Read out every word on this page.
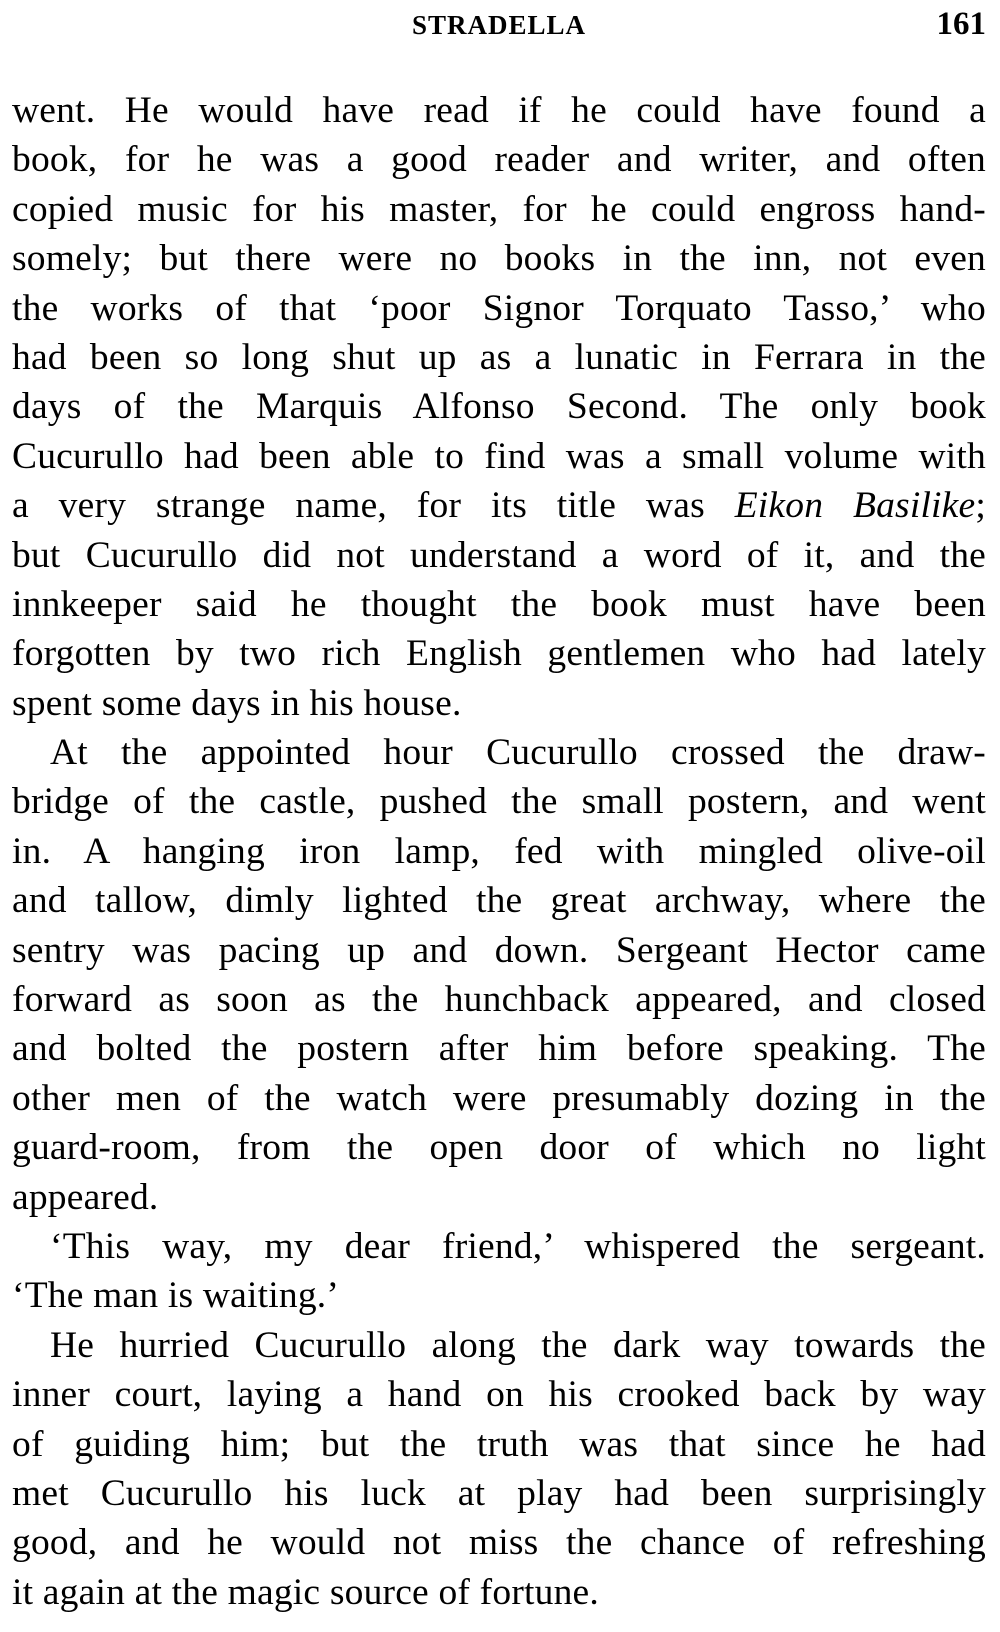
STRADELLA	161
went. He would have read if he could have found a
book, for he was a good reader and writer, and often
copied music for his master, for he could engross hand-
somely; but there were no books in the inn, not even
the works of that ‘poor Signor Torquato Tasso,’ who
had been so long shut up as a lunatic in Ferrara in the
days of the Marquis Alfonso Second. The only book
Cucurullo had been able to find was a small volume with
a very strange name, for its title was Eikon Basilike;
but Cucurullo did not understand a word of it, and the
innkeeper said he thought the book must have been
forgotten by two rich English gentlemen who had lately
spent some days in his house.
At the appointed hour Cucurullo crossed the draw-
bridge of the castle, pushed the small postern, and went
in. A hanging iron lamp, fed with mingled olive-oil
and tallow, dimly lighted the great archway, where the
sentry was pacing up and down. Sergeant Hector came
forward as soon as the hunchback appeared, and closed
and bolted the postern after him before speaking. The
other men of the watch were presumably dozing in the
guard-room, from the open door of which no light
appeared.
‘This way, my dear friend,’ whispered the sergeant.
‘The man is waiting.’
He hurried Cucurullo along the dark way towards the
inner court, laying a hand on his crooked back by way
of guiding him; but the truth was that since he had
met Cucurullo his luck at play had been surprisingly
good, and he would not miss the chance of refreshing
it again at the magic source of fortune.
